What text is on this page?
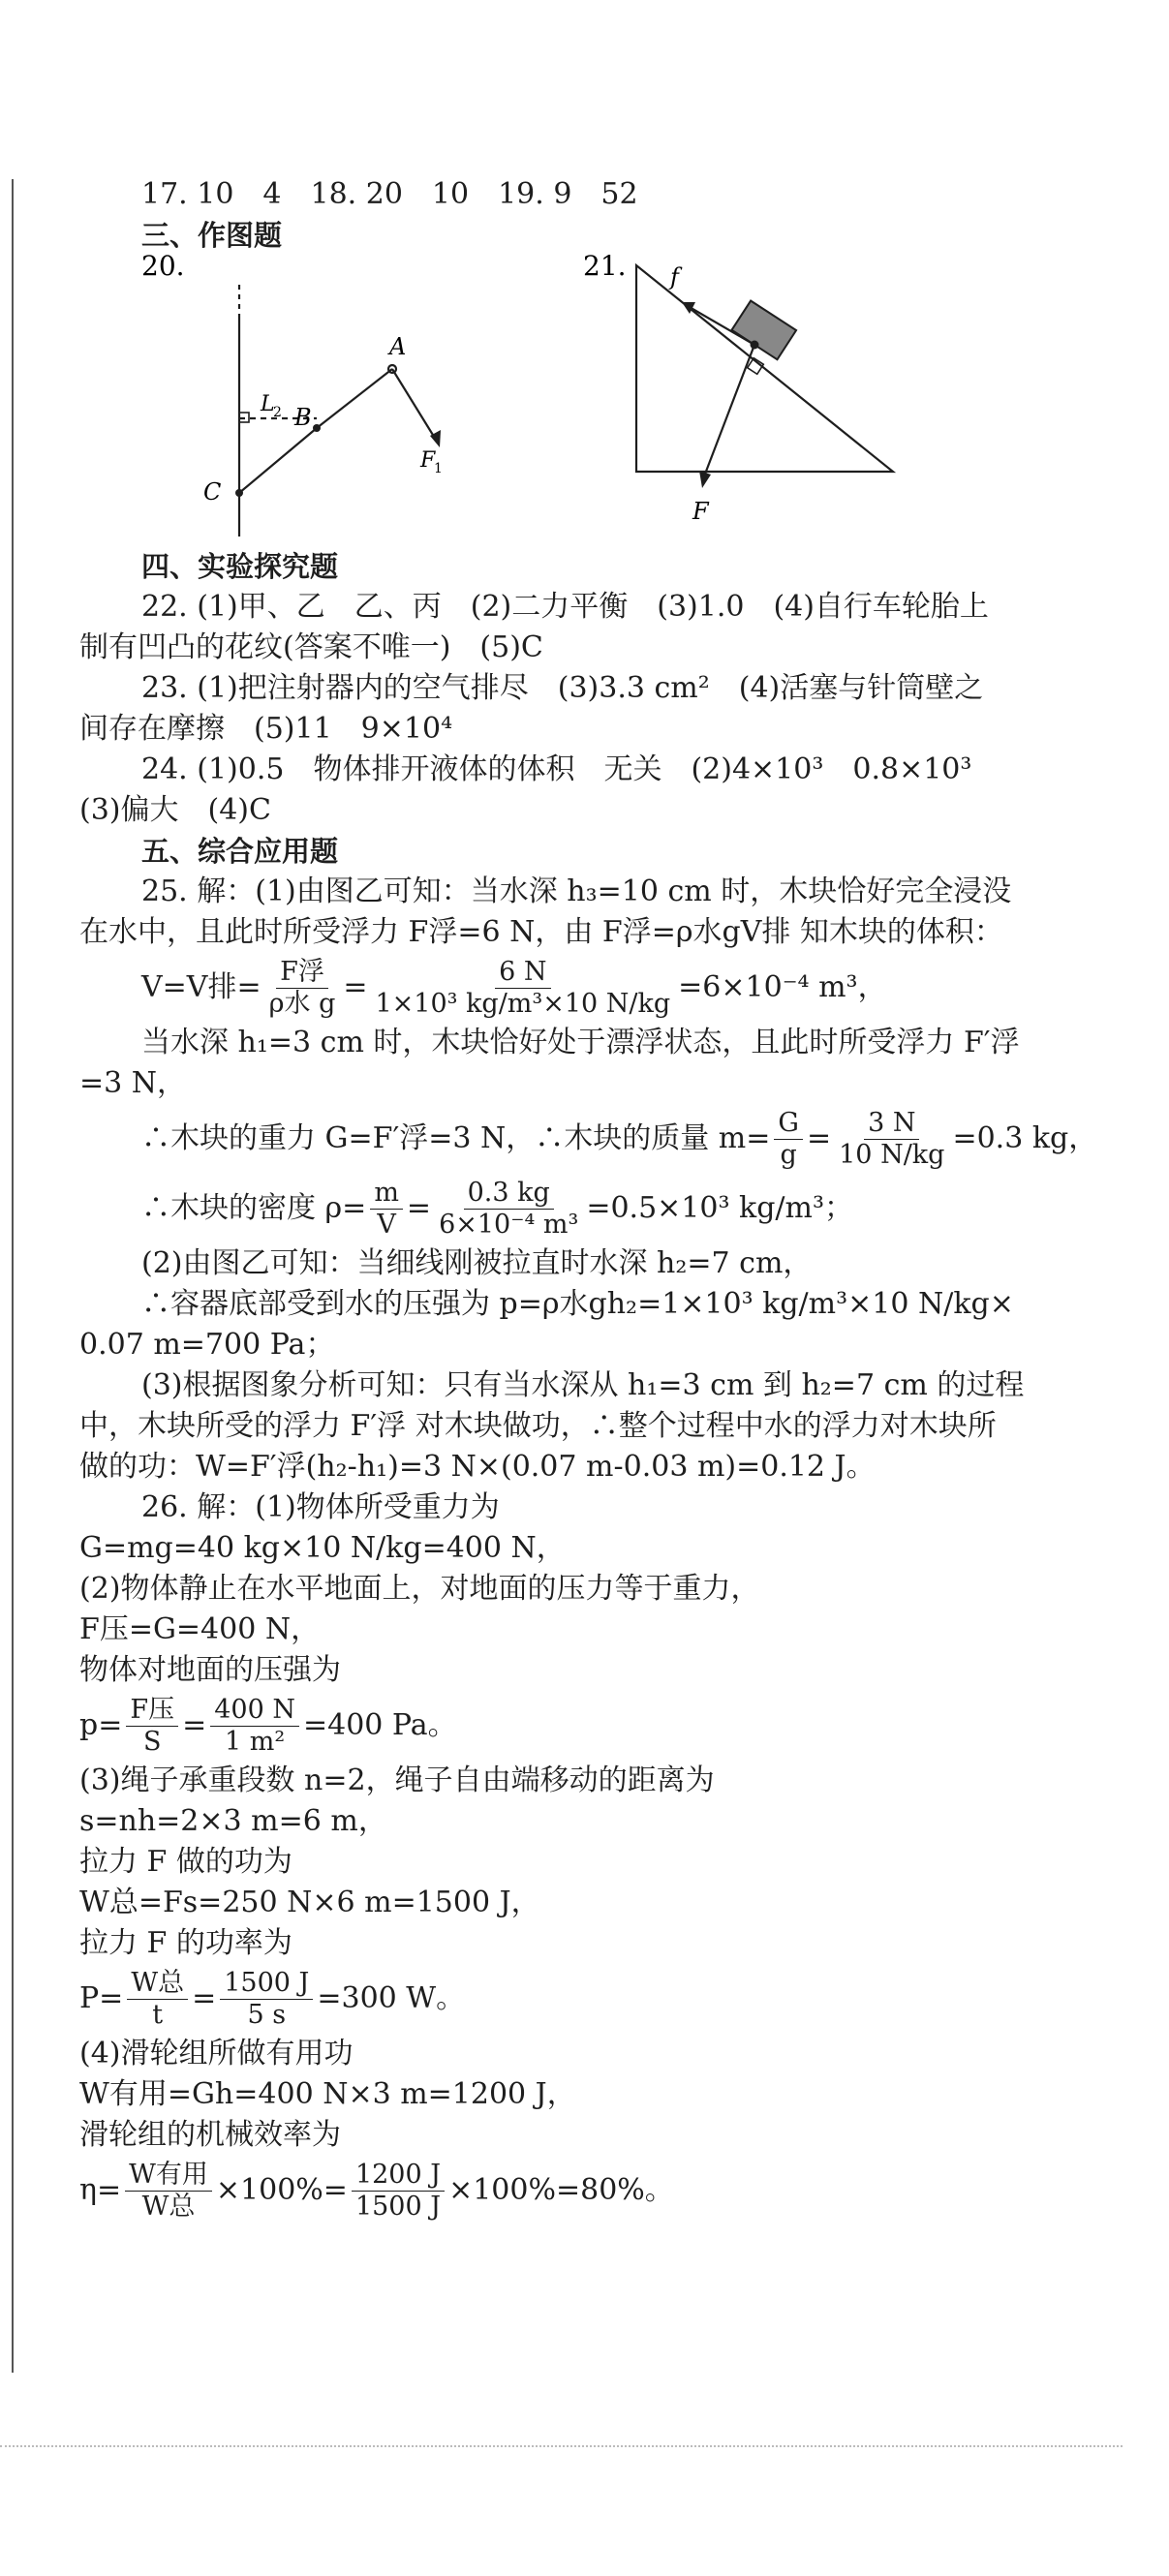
17. 10　4　18. 20　10　19. 9　52
三、作图题
20.
A
B
C
L
2
F
1
21. f
F
四、实验探究题
22. (1)甲、乙　乙、丙　(2)二力平衡　(3)1.0　(4)自行车轮胎上
制有凹凸的花纹(答案不唯一)　(5)C
23. (1)把注射器内的空气排尽　(3)3.3 cm²　(4)活塞与针筒壁之
间存在摩擦　(5)11　9×10⁴
24. (1)0.5　物体排开液体的体积　无关　(2)4×10³　0.8×10³
(3)偏大　(4)C
五、综合应用题
25. 解：(1)由图乙可知：当水深 h₃=10 cm 时，木块恰好完全浸没
在水中，且此时所受浮力 F浮=6 N，由 F浮=ρ水gV排 知木块的体积：
V=V排= $\frac{\text{F浮}}{\text{ρ水 g}} = \frac{6 N}{\text{1×10³ kg/m³×10 N/kg}} =6\times 10^{-4}$ m³，
当水深 h₁=3 cm 时，木块恰好处于漂浮状态，且此时所受浮力 F′浮
=3 N，
∴木块的重力 G=F′浮=3 N，∴木块的质量 $m= \frac{G}{g} = \frac{3 N}{10 N/kg} =0.3$ kg，
∴木块的密度 $\rho= \frac{m}{V} = \frac{0.3 kg}{\text{6×10⁻⁴ m³}} =0.5\times 10^3$ kg/m³；
(2)由图乙可知：当细线刚被拉直时水深 h₂=7 cm，
∴容器底部受到水的压强为 p=ρ水gh₂=1×10³ kg/m³×10 N/kg×
0.07 m=700 Pa；
(3)根据图象分析可知：只有当水深从 h₁=3 cm 到 h₂=7 cm 的过程
中，木块所受的浮力 F′浮 对木块做功，∴整个过程中水的浮力对木块所
做的功：W=F′浮(h₂-h₁)=3 N×(0.07 m-0.03 m)=0.12 J。
26. 解：(1)物体所受重力为
G=mg=40 kg×10 N/kg=400 N，
(2)物体静止在水平地面上，对地面的压力等于重力，
F压=G=400 N，
物体对地面的压强为
$p= \frac{\text{F压}}{S} = \frac{400 N}{\text{1 m²}} =400$ Pa。
(3)绳子承重段数 n=2，绳子自由端移动的距离为
s=nh=2×3 m=6 m，
拉力 F 做的功为
W总=Fs=250 N×6 m=1500 J，
拉力 F 的功率为
$P= \frac{\text{W总}}{t} = \frac{1500 J}{5 s} =300$ W。
(4)滑轮组所做有用功
W有用=Gh=400 N×3 m=1200 J，
滑轮组的机械效率为
$\eta= \frac{\text{W有用}}{\text{W总}} \times 100\%= \frac{1200 J}{1500 J} \times 100\%=80\%$。
